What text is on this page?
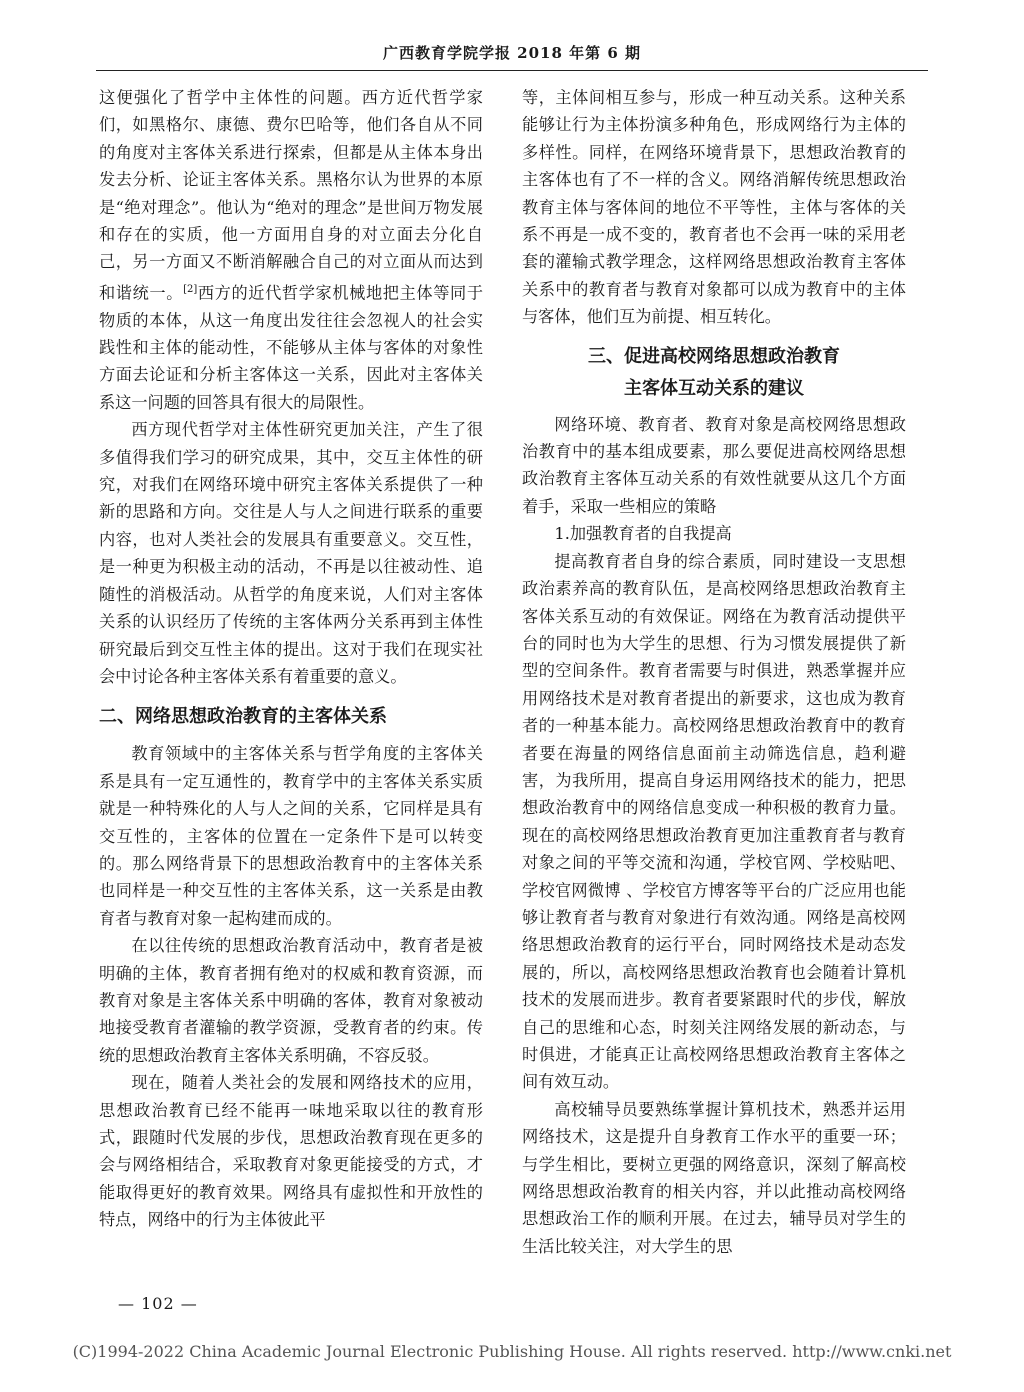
广西教育学院学报 2018 年第 6 期

这便强化了哲学中主体性的问题。西方近代哲学家们，如黑格尔、康德、费尔巴哈等，他们各自从不同的角度对主客体关系进行探索，但都是从主体本身出发去分析、论证主客体关系。黑格尔认为世界的本原是“绝对理念”。他认为“绝对的理念”是世间万物发展和存在的实质，他一方面用自身的对立面去分化自己，另一方面又不断消解融合自己的对立面从而达到和谐统一。[2]西方的近代哲学家机械地把主体等同于物质的本体，从这一角度出发往往会忽视人的社会实践性和主体的能动性，不能够从主体与客体的对象性方面去论证和分析主客体这一关系，因此对主客体关系这一问题的回答具有很大的局限性。

西方现代哲学对主体性研究更加关注，产生了很多值得我们学习的研究成果，其中，交互主体性的研究，对我们在网络环境中研究主客体关系提供了一种新的思路和方向。交往是人与人之间进行联系的重要内容，也对人类社会的发展具有重要意义。交互性，是一种更为积极主动的活动，不再是以往被动性、追随性的消极活动。从哲学的角度来说，人们对主客体关系的认识经历了传统的主客体两分关系再到主体性研究最后到交互性主体的提出。这对于我们在现实社会中讨论各种主客体关系有着重要的意义。

二、网络思想政治教育的主客体关系

教育领域中的主客体关系与哲学角度的主客体关系是具有一定互通性的，教育学中的主客体关系实质就是一种特殊化的人与人之间的关系，它同样是具有交互性的，主客体的位置在一定条件下是可以转变的。那么网络背景下的思想政治教育中的主客体关系也同样是一种交互性的主客体关系，这一关系是由教育者与教育对象一起构建而成的。

在以往传统的思想政治教育活动中，教育者是被明确的主体，教育者拥有绝对的权威和教育资源，而 教育对象是主客体关系中明确的客体，教育对象被动地接受教育者灌输的教学资源，受教育者的约束。传统的思想政治教育主客体关系明确，不容反驳。

现在，随着人类社会的发展和网络技术的应用，思想政治教育已经不能再一味地采取以往的教育形式，跟随时代发展的步伐，思想政治教育现在更多的会与网络相结合，采取教育对象更能接受的方式，才能取得更好的教育效果。网络具有虚拟性和开放性的特点，网络中的行为主体彼此平

等，主体间相互参与，形成一种互动关系。这种关系能够让行为主体扮演多种角色，形成网络行为主体的多样性。同样，在网络环境背景下，思想政治教育的主客体也有了不一样的含义。网络消解传统思想政治教育主体与客体间的地位不平等性，主体与客体的关系不再是一成不变的，教育者也不会再一味的采用老套的灌输式教学理念，这样网络思想政治教育主客体关系中的教育者与教育对象都可以成为教育中的主体与客体，他们互为前提、相互转化。

三、促进高校网络思想政治教育
主客体互动关系的建议

网络环境、教育者、教育对象是高校网络思想政治教育中的基本组成要素，那么要促进高校网络思想政治教育主客体互动关系的有效性就要从这几个方面着手，采取一些相应的策略

1.加强教育者的自我提高

提高教育者自身的综合素质，同时建设一支思想政治素养高的教育队伍，是高校网络思想政治教育主客体关系互动的有效保证。网络在为教育活动提供平台的同时也为大学生的思想、行为习惯发展提供了新型的空间条件。教育者需要与时俱进，熟悉掌握并应用网络技术是对教育者提出的新要求，这也成为教育者的一种基本能力。高校网络思想政治教育中的教育者要在海量的网络信息面前主动筛选信息，趋利避害，为我所用，提高自身运用网络技术的能力，把思想政治教育中的网络信息变成一种积极的教育力量。现在的高校网络思想政治教育更加注重教育者与教育对象之间的平等交流和沟通，学校官网、学校贴吧、学校官网微博 、学校官方博客等平台的广泛应用也能够让教育者与教育对象进行有效沟通。网络是高校网络思想政治教育的运行平台，同时网络技术是动态发展的，所以，高校网络思想政治教育也会随着计算机技术的发展而进步。教育者要紧跟时代的步伐，解放自己的思维和心态，时刻关注网络发展的新动态，与时俱进，才能真正让高校网络思想政治教育主客体之间有效互动。

高校辅导员要熟练掌握计算机技术，熟悉并运用网络技术，这是提升自身教育工作水平的重要一环；与学生相比，要树立更强的网络意识，深刻了解高校网络思想政治教育的相关内容，并以此推动高校网络思想政治工作的顺利开展。在过去，辅导员对学生的生活比较关注，对大学生的思

— 102 —
(C)1994-2022 China Academic Journal Electronic Publishing House. All rights reserved. http://www.cnki.net
